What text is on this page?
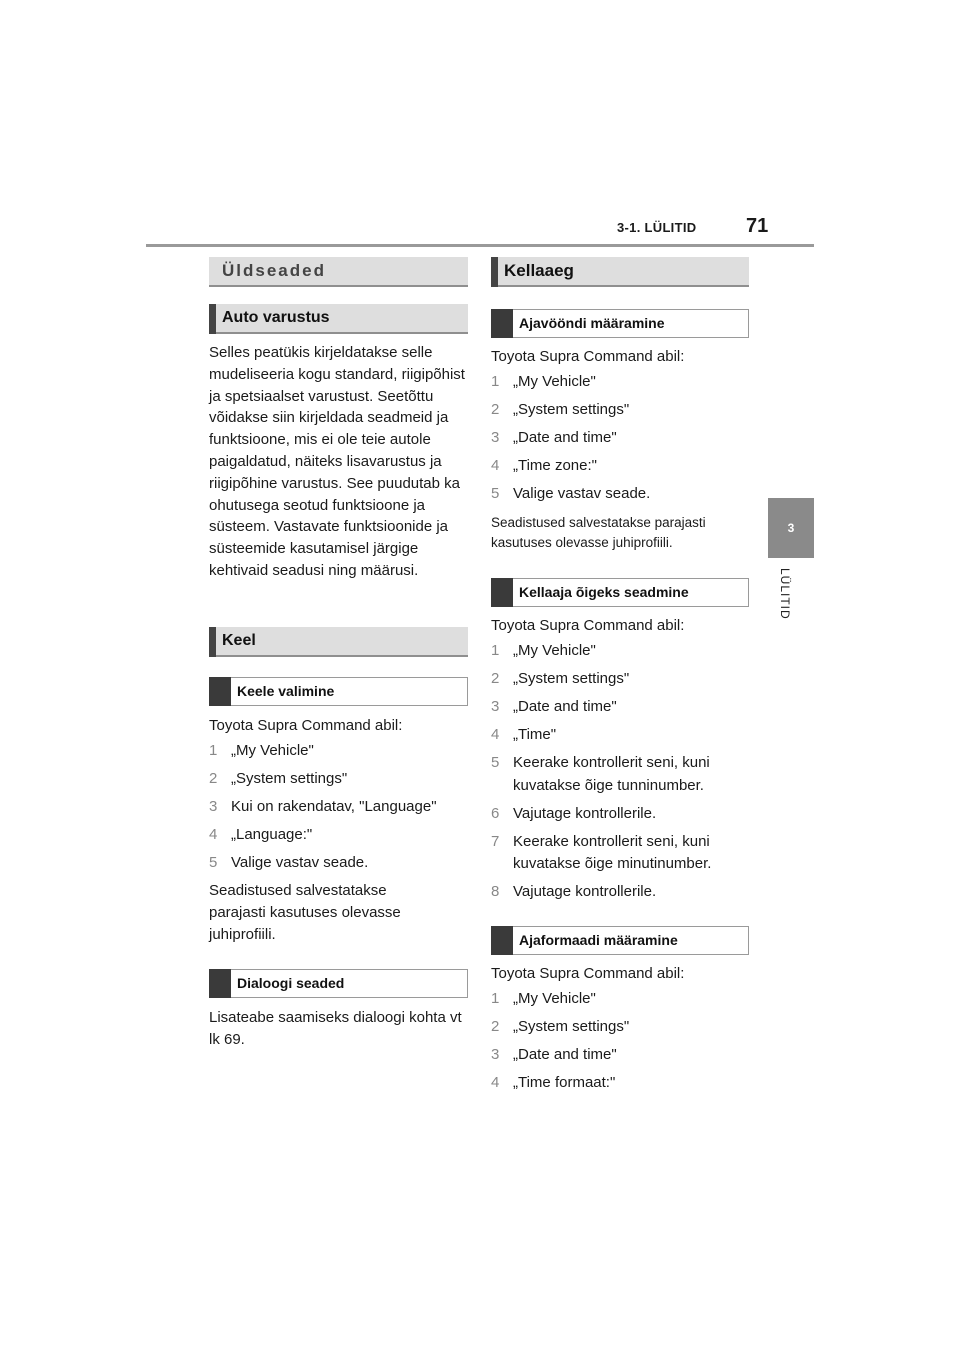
3-1. LÜLITID 71
3
LÜLITID
Üldseaded
Auto varustus
Selles peatükis kirjeldatakse selle mudeliseeria kogu standard, riigipõhist ja spetsiaalset varustust. Seetõttu võidakse siin kirjeldada seadmeid ja funktsioone, mis ei ole teie autole paigaldatud, näiteks lisavarustus ja riigipõhine varustus. See puudutab ka ohutusega seotud funktsioone ja süsteem. Vastavate funktsioonide ja süsteemide kasutamisel järgige kehtivaid seadusi ning määrusi.
Keel
Keele valimine
Toyota Supra Command abil:
1 „My Vehicle"
2 „System settings"
3 Kui on rakendatav, "Language"
4 „Language:"
5 Valige vastav seade.
Seadistused salvestatakse parajasti kasutuses olevasse juhiprofiili.
Dialoogi seaded
Lisateabe saamiseks dialoogi kohta vt lk 69.
Kellaaeg
Ajavööndi määramine
Toyota Supra Command abil:
1 „My Vehicle"
2 „System settings"
3 „Date and time"
4 „Time zone:"
5 Valige vastav seade.
Seadistused salvestatakse parajasti kasutuses olevasse juhiprofiili.
Kellaaja õigeks seadmine
Toyota Supra Command abil:
1 „My Vehicle"
2 „System settings"
3 „Date and time"
4 „Time"
5 Keerake kontrollerit seni, kuni
kuvatakse õige tunninumber.
6 Vajutage kontrollerile.
7 Keerake kontrollerit seni, kuni
kuvatakse õige minutinumber.
8 Vajutage kontrollerile.
Ajaformaadi määramine
Toyota Supra Command abil:
1 „My Vehicle"
2 „System settings"
3 „Date and time"
4 „Time formaat:"
